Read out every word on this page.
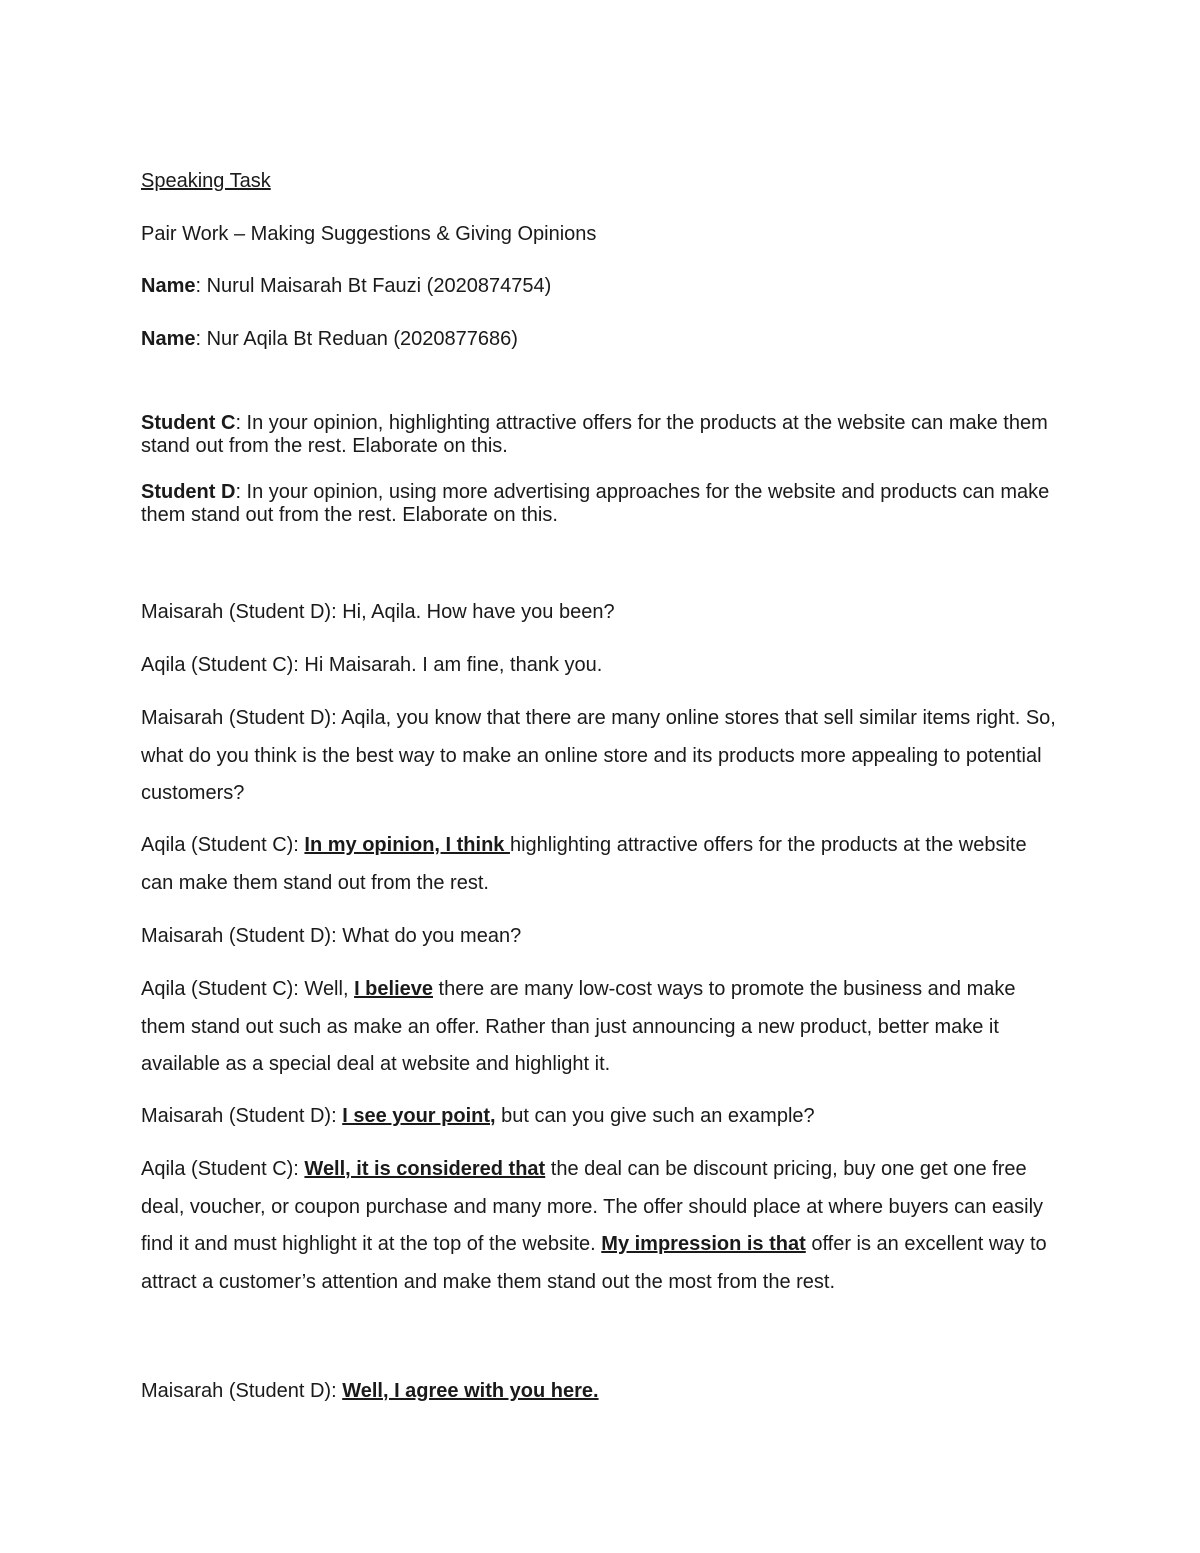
Speaking Task

Pair Work – Making Suggestions & Giving Opinions

Name: Nurul Maisarah Bt Fauzi (2020874754)

Name: Nur Aqila Bt Reduan (2020877686)

Student C: In your opinion, highlighting attractive offers for the products at the website can make them stand out from the rest. Elaborate on this.

Student D: In your opinion, using more advertising approaches for the website and products can make them stand out from the rest. Elaborate on this.

Maisarah (Student D): Hi, Aqila. How have you been?

Aqila (Student C): Hi Maisarah. I am fine, thank you.

Maisarah (Student D): Aqila, you know that there are many online stores that sell similar items right. So, what do you think is the best way to make an online store and its products more appealing to potential customers?

Aqila (Student C): In my opinion, I think highlighting attractive offers for the products at the website can make them stand out from the rest.

Maisarah (Student D): What do you mean?

Aqila (Student C): Well, I believe there are many low-cost ways to promote the business and make them stand out such as make an offer. Rather than just announcing a new product, better make it available as a special deal at website and highlight it.

Maisarah (Student D): I see your point, but can you give such an example?

Aqila (Student C): Well, it is considered that the deal can be discount pricing, buy one get one free deal, voucher, or coupon purchase and many more. The offer should place at where buyers can easily find it and must highlight it at the top of the website. My impression is that offer is an excellent way to attract a customer’s attention and make them stand out the most from the rest.

Maisarah (Student D): Well, I agree with you here.
